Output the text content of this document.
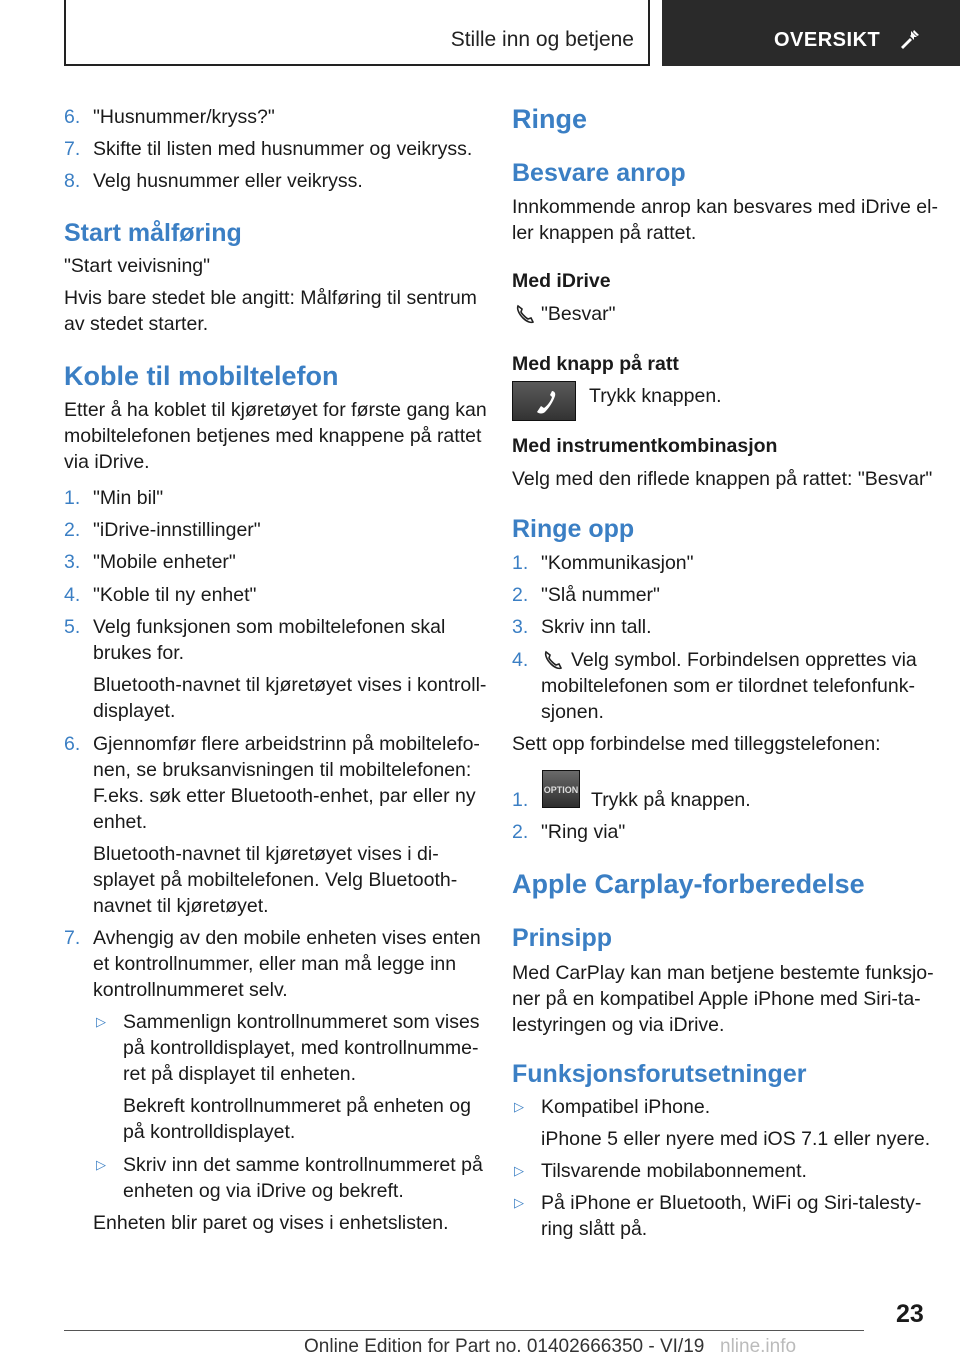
Stille inn og betjene	OVERSIKT
6. "Husnummer/kryss?"
7. Skifte til listen med husnummer og veikryss.
8. Velg husnummer eller veikryss.
Start målføring
"Start veivisning"
Hvis bare stedet ble angitt: Målføring til sentrum
av stedet starter.
Koble til mobiltelefon
Etter å ha koblet til kjøretøyet for første gang kan
mobiltelefonen betjenes med knappene på rattet
via iDrive.
1. "Min bil"
2. "iDrive-innstillinger"
3. "Mobile enheter"
4. "Koble til ny enhet"
5. Velg funksjonen som mobiltelefonen skal
brukes for.
Bluetooth-navnet til kjøretøyet vises i kontroll-
displayet.
6. Gjennomfør flere arbeidstrinn på mobiltelefo-
nen, se bruksanvisningen til mobiltelefonen:
F.eks. søk etter Bluetooth-enhet, par eller ny
enhet.
Bluetooth-navnet til kjøretøyet vises i di-
splayet på mobiltelefonen. Velg Bluetooth-
navnet til kjøretøyet.
7. Avhengig av den mobile enheten vises enten
et kontrollnummer, eller man må legge inn
kontrollnummeret selv.
▷ Sammenlign kontrollnummeret som vises
på kontrolldisplayet, med kontrollnumme-
ret på displayet til enheten.
Bekreft kontrollnummeret på enheten og
på kontrolldisplayet.
▷ Skriv inn det samme kontrollnummeret på
enheten og via iDrive og bekreft.
Enheten blir paret og vises i enhetslisten.
Ringe
Besvare anrop
Innkommende anrop kan besvares med iDrive el-
ler knappen på rattet.
Med iDrive
"Besvar"
Med knapp på ratt
Trykk knappen.
Med instrumentkombinasjon
Velg med den riflede knappen på rattet: "Besvar"
Ringe opp
1. "Kommunikasjon"
2. "Slå nummer"
3. Skriv inn tall.
4. Velg symbol. Forbindelsen opprettes via
mobiltelefonen som er tilordnet telefonfunk-
sjonen.
Sett opp forbindelse med tilleggstelefonen:
1. OPTION Trykk på knappen.
2. "Ring via"
Apple Carplay-forberedelse
Prinsipp
Med CarPlay kan man betjene bestemte funksjo-
ner på en kompatibel Apple iPhone med Siri-ta-
lestyringen og via iDrive.
Funksjonsforutsetninger
▷ Kompatibel iPhone.
iPhone 5 eller nyere med iOS 7.1 eller nyere.
▷ Tilsvarende mobilabonnement.
▷ På iPhone er Bluetooth, WiFi og Siri-talesty-
ring slått på.
23
Online Edition for Part no. 01402666350 - VI/19 nline.info
